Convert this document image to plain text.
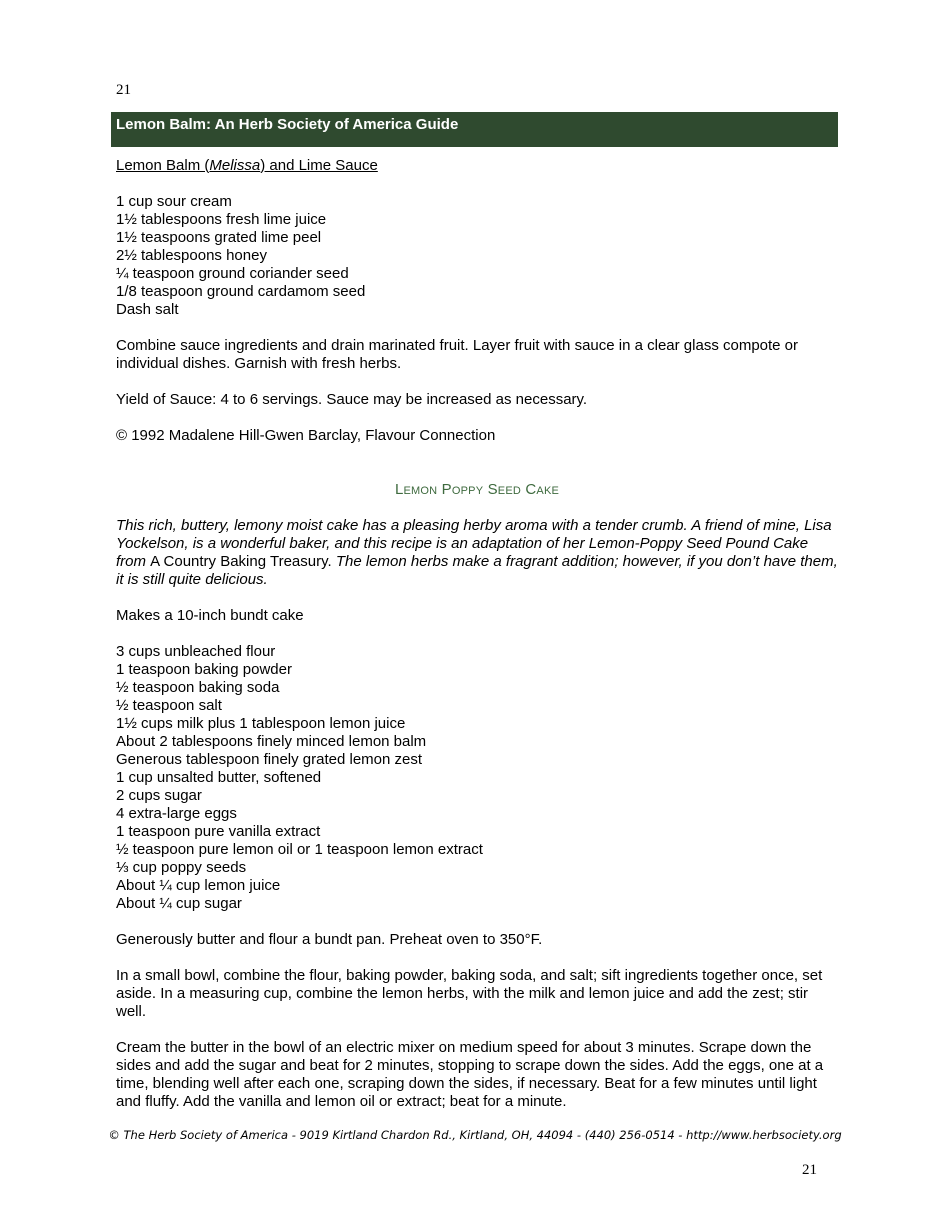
21
Lemon Balm: An Herb Society of America Guide

Lemon Balm (Melissa) and Lime Sauce

1 cup sour cream

1½ tablespoons fresh lime juice

1½ teaspoons grated lime peel

2½ tablespoons honey

¼ teaspoon ground coriander seed

1/8 teaspoon ground cardamom seed

Dash salt

Combine sauce ingredients and drain marinated fruit. Layer fruit with sauce in a clear glass compote or individual dishes. Garnish with fresh herbs.

Yield of Sauce: 4 to 6 servings. Sauce may be increased as necessary.

© 1992 Madalene Hill-Gwen Barclay, Flavour Connection

Lemon Poppy Seed Cake

This rich, buttery, lemony moist cake has a pleasing herby aroma with a tender crumb. A friend of mine, Lisa Yockelson, is a wonderful baker, and this recipe is an adaptation of her Lemon-Poppy Seed Pound Cake from A Country Baking Treasury. The lemon herbs make a fragrant addition; however, if you don’t have them, it is still quite delicious.

Makes a 10-inch bundt cake

3 cups unbleached flour

1 teaspoon baking powder

½ teaspoon baking soda

½ teaspoon salt

1½ cups milk plus 1 tablespoon lemon juice

About 2 tablespoons finely minced lemon balm

Generous tablespoon finely grated lemon zest

1 cup unsalted butter, softened

2 cups sugar

4 extra-large eggs

1 teaspoon pure vanilla extract

½ teaspoon pure lemon oil or 1 teaspoon lemon extract

⅓ cup poppy seeds

About ¼ cup lemon juice

About ¼ cup sugar

Generously butter and flour a bundt pan. Preheat oven to 350°F.

In a small bowl, combine the flour, baking powder, baking soda, and salt; sift ingredients together once, set aside. In a measuring cup, combine the lemon herbs, with the milk and lemon juice and add the zest; stir well.

Cream the butter in the bowl of an electric mixer on medium speed for about 3 minutes. Scrape down the sides and add the sugar and beat for 2 minutes, stopping to scrape down the sides. Add the eggs, one at a time, blending well after each one, scraping down the sides, if necessary. Beat for a few minutes until light and fluffy. Add the vanilla and lemon oil or extract; beat for a minute.

© The Herb Society of America - 9019 Kirtland Chardon Rd., Kirtland, OH, 44094 - (440) 256-0514 - http://www.herbsociety.org
21
